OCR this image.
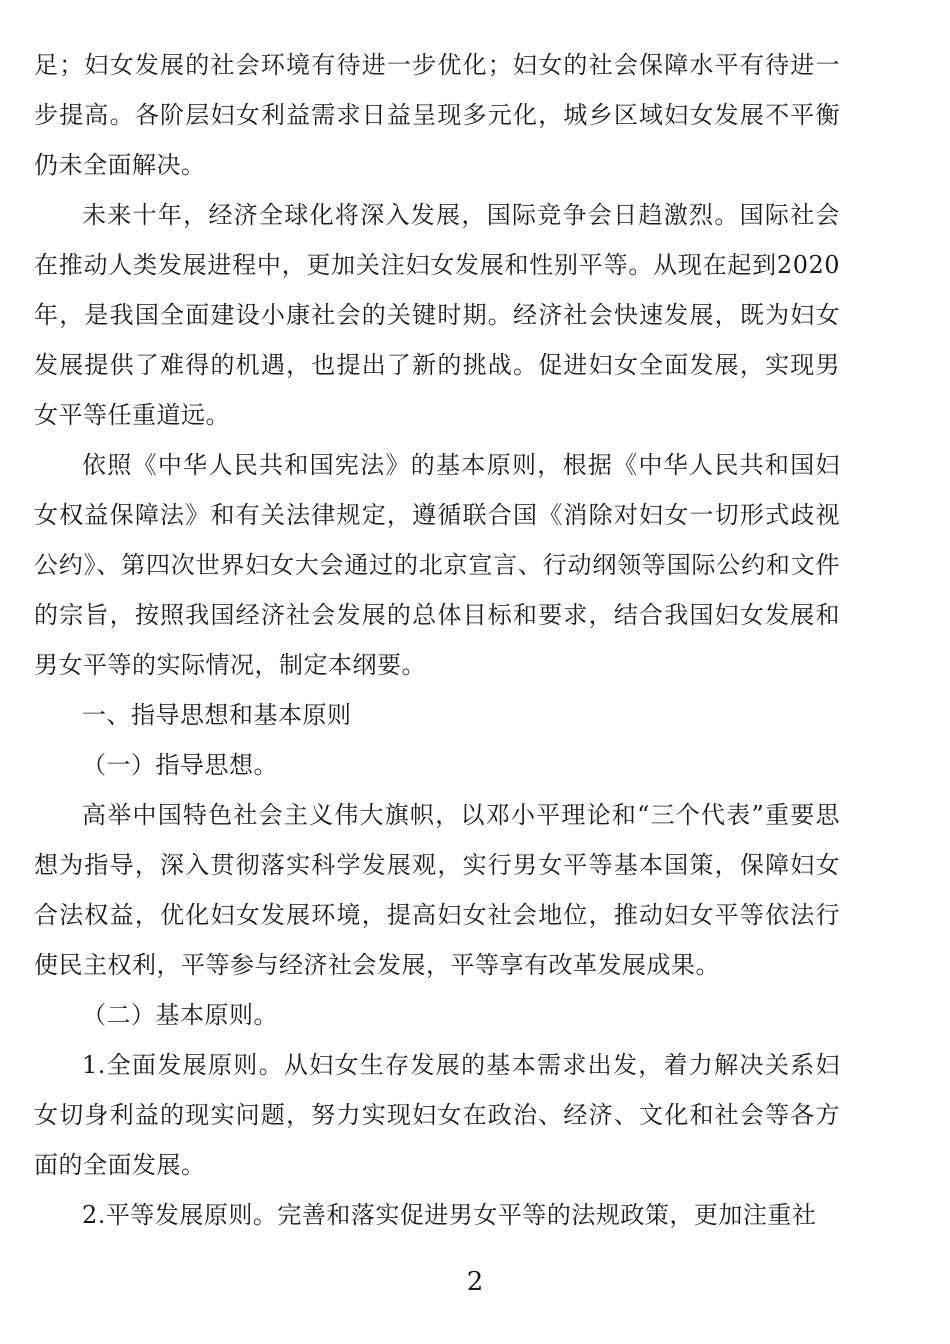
足；妇女发展的社会环境有待进一步优化；妇女的社会保障水平有待进一步提高。各阶层妇女利益需求日益呈现多元化，城乡区域妇女发展不平衡仍未全面解决。

未来十年，经济全球化将深入发展，国际竞争会日趋激烈。国际社会在推动人类发展进程中，更加关注妇女发展和性别平等。从现在起到2020年，是我国全面建设小康社会的关键时期。经济社会快速发展，既为妇女发展提供了难得的机遇，也提出了新的挑战。促进妇女全面发展，实现男女平等任重道远。

依照《中华人民共和国宪法》的基本原则，根据《中华人民共和国妇女权益保障法》和有关法律规定，遵循联合国《消除对妇女一切形式歧视公约》、第四次世界妇女大会通过的北京宣言、行动纲领等国际公约和文件的宗旨，按照我国经济社会发展的总体目标和要求，结合我国妇女发展和男女平等的实际情况，制定本纲要。

一、指导思想和基本原则

（一）指导思想。

高举中国特色社会主义伟大旗帜，以邓小平理论和“三个代表”重要思想为指导，深入贯彻落实科学发展观，实行男女平等基本国策，保障妇女合法权益，优化妇女发展环境，提高妇女社会地位，推动妇女平等依法行使民主权利，平等参与经济社会发展，平等享有改革发展成果。

（二）基本原则。

1.全面发展原则。从妇女生存发展的基本需求出发，着力解决关系妇女切身利益的现实问题，努力实现妇女在政治、经济、文化和社会等各方面的全面发展。

2.平等发展原则。完善和落实促进男女平等的法规政策，更加注重社

2
